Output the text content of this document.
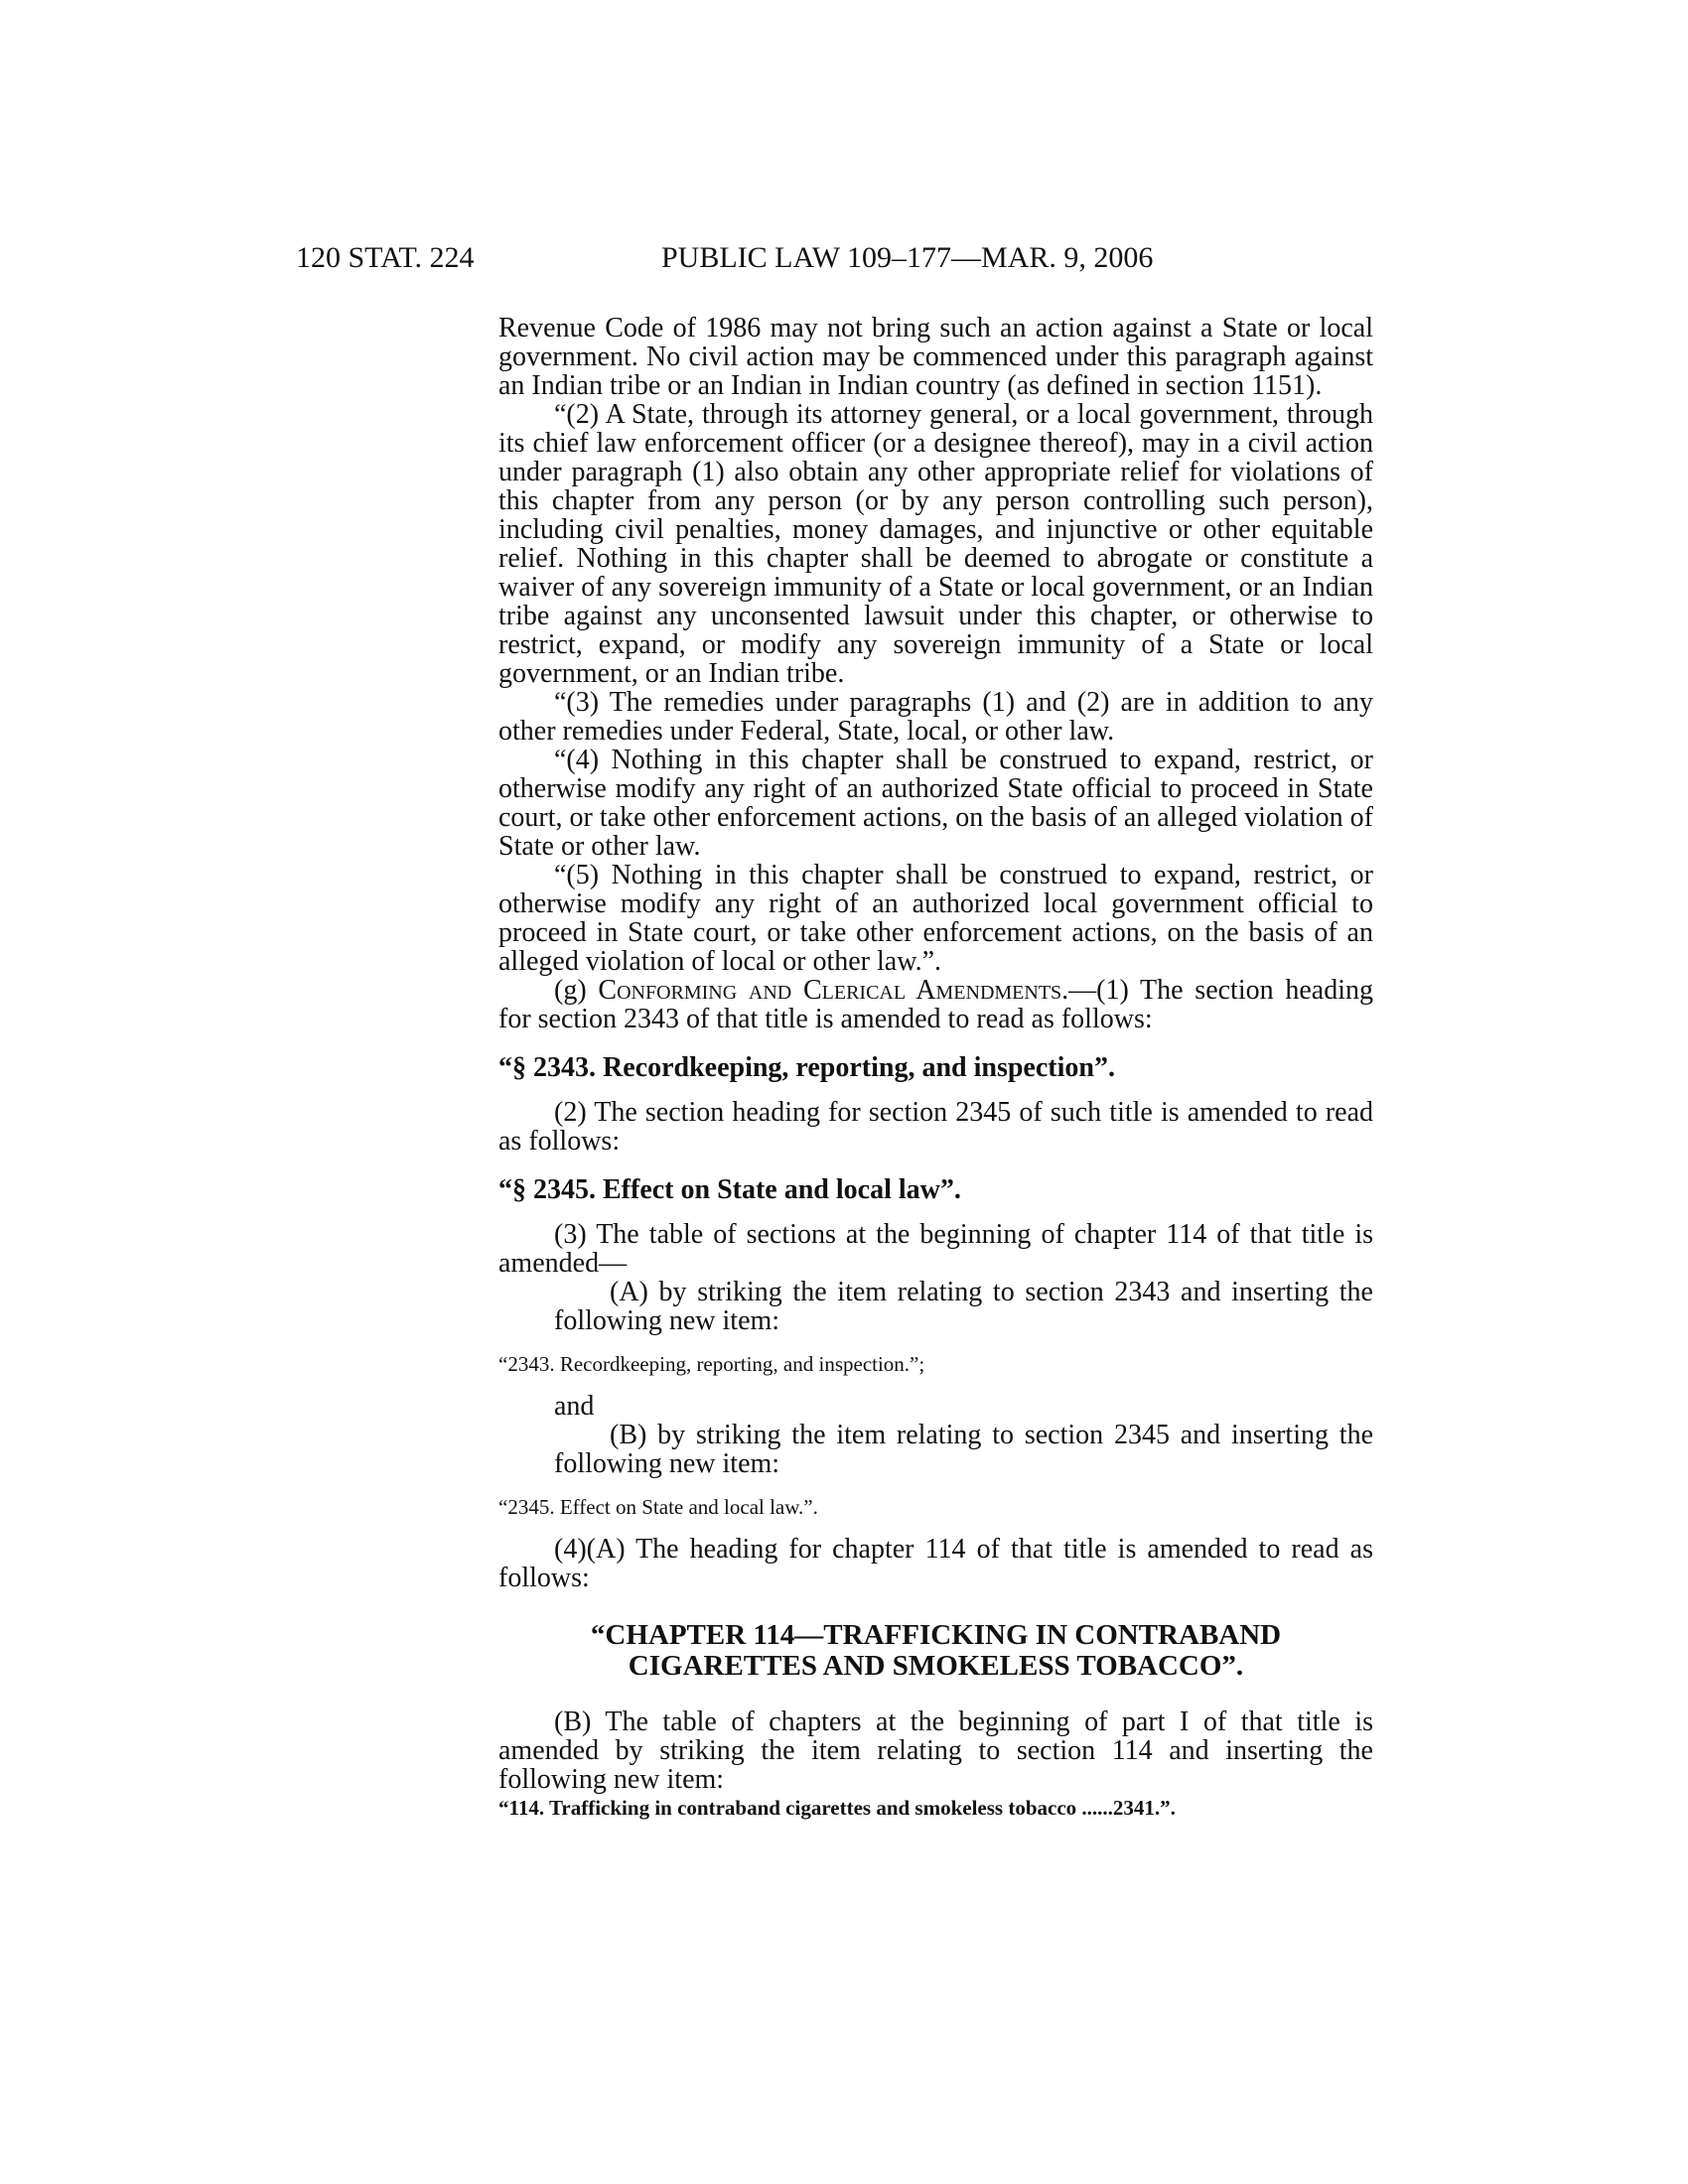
120 STAT. 224	PUBLIC LAW 109–177—MAR. 9, 2006

Revenue Code of 1986 may not bring such an action against a State or local government. No civil action may be commenced under this paragraph against an Indian tribe or an Indian in Indian country (as defined in section 1151).

“(2) A State, through its attorney general, or a local government, through its chief law enforcement officer (or a designee thereof), may in a civil action under paragraph (1) also obtain any other appropriate relief for violations of this chapter from any person (or by any person controlling such person), including civil penalties, money damages, and injunctive or other equitable relief. Nothing in this chapter shall be deemed to abrogate or constitute a waiver of any sovereign immunity of a State or local government, or an Indian tribe against any unconsented lawsuit under this chapter, or otherwise to restrict, expand, or modify any sovereign immunity of a State or local government, or an Indian tribe.

“(3) The remedies under paragraphs (1) and (2) are in addition to any other remedies under Federal, State, local, or other law.

“(4) Nothing in this chapter shall be construed to expand, restrict, or otherwise modify any right of an authorized State official to proceed in State court, or take other enforcement actions, on the basis of an alleged violation of State or other law.

“(5) Nothing in this chapter shall be construed to expand, restrict, or otherwise modify any right of an authorized local government official to proceed in State court, or take other enforcement actions, on the basis of an alleged violation of local or other law.”.

(g) Conforming and Clerical Amendments.—(1) The section heading for section 2343 of that title is amended to read as follows:

“§ 2343. Recordkeeping, reporting, and inspection”.

(2) The section heading for section 2345 of such title is amended to read as follows:

“§ 2345. Effect on State and local law”.

(3) The table of sections at the beginning of chapter 114 of that title is amended—

(A) by striking the item relating to section 2343 and inserting the following new item:

“2343. Recordkeeping, reporting, and inspection.”;

and

(B) by striking the item relating to section 2345 and inserting the following new item:

“2345. Effect on State and local law.”.

(4)(A) The heading for chapter 114 of that title is amended to read as follows:

“CHAPTER 114—TRAFFICKING IN CONTRABAND
CIGARETTES AND SMOKELESS TOBACCO”.

(B) The table of chapters at the beginning of part I of that title is amended by striking the item relating to section 114 and inserting the following new item:

“114. Trafficking in contraband cigarettes and smokeless tobacco ......2341.”.
